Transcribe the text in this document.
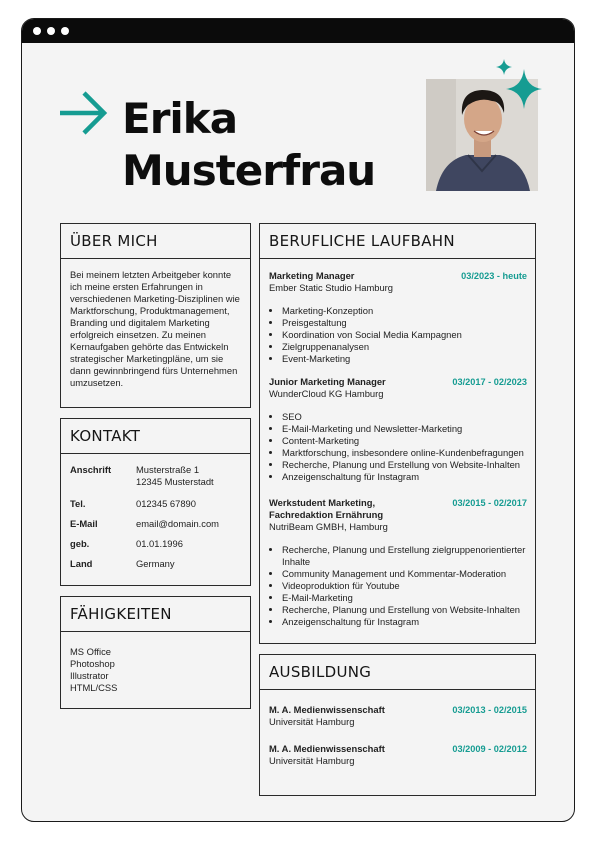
Erika
Musterfrau
ÜBER MICH
Bei meinem letzten Arbeitgeber konnte ich meine ersten Erfahrungen in verschiedenen Marketing-Disziplinen wie Marktforschung, Produktmanagement, Branding und digitalem Marketing erfolgreich einsetzen. Zu meinen Kernaufgaben gehörte das Entwickeln strategischer Marketingpläne, um sie dann gewinnbringend fürs Unternehmen umzusetzen.
KONTAKT
Anschrift	Musterstraße 1
12345 Musterstadt
Tel.	012345 67890
E-Mail	email@domain.com
geb.	01.01.1996
Land	Germany
FÄHIGKEITEN
MS Office
Photoshop
Illustrator
HTML/CSS
BERUFLICHE LAUFBAHN
Marketing Manager	03/2023 - heute
Ember Static Studio Hamburg
• Marketing-Konzeption
• Preisgestaltung
• Koordination von Social Media Kampagnen
• Zielgruppenanalysen
• Event-Marketing
Junior Marketing Manager	03/2017 - 02/2023
WunderCloud KG Hamburg
• SEO
• E-Mail-Marketing und Newsletter-Marketing
• Content-Marketing
• Marktforschung, insbesondere online-Kundenbefragungen
• Recherche, Planung und Erstellung von Website-Inhalten
• Anzeigenschaltung für Instagram
Werkstudent Marketing,
Fachredaktion Ernährung
03/2015 - 02/2017
NutriBeam GMBH, Hamburg
• Recherche, Planung und Erstellung zielgruppenorientierter Inhalte
• Community Management und Kommentar-Moderation
• Videoproduktion für Youtube
• E-Mail-Marketing
• Recherche, Planung und Erstellung von Website-Inhalten
• Anzeigenschaltung für Instagram
AUSBILDUNG
M. A. Medienwissenschaft	03/2013 - 02/2015
Universität Hamburg
M. A. Medienwissenschaft	03/2009 - 02/2012
Universität Hamburg
